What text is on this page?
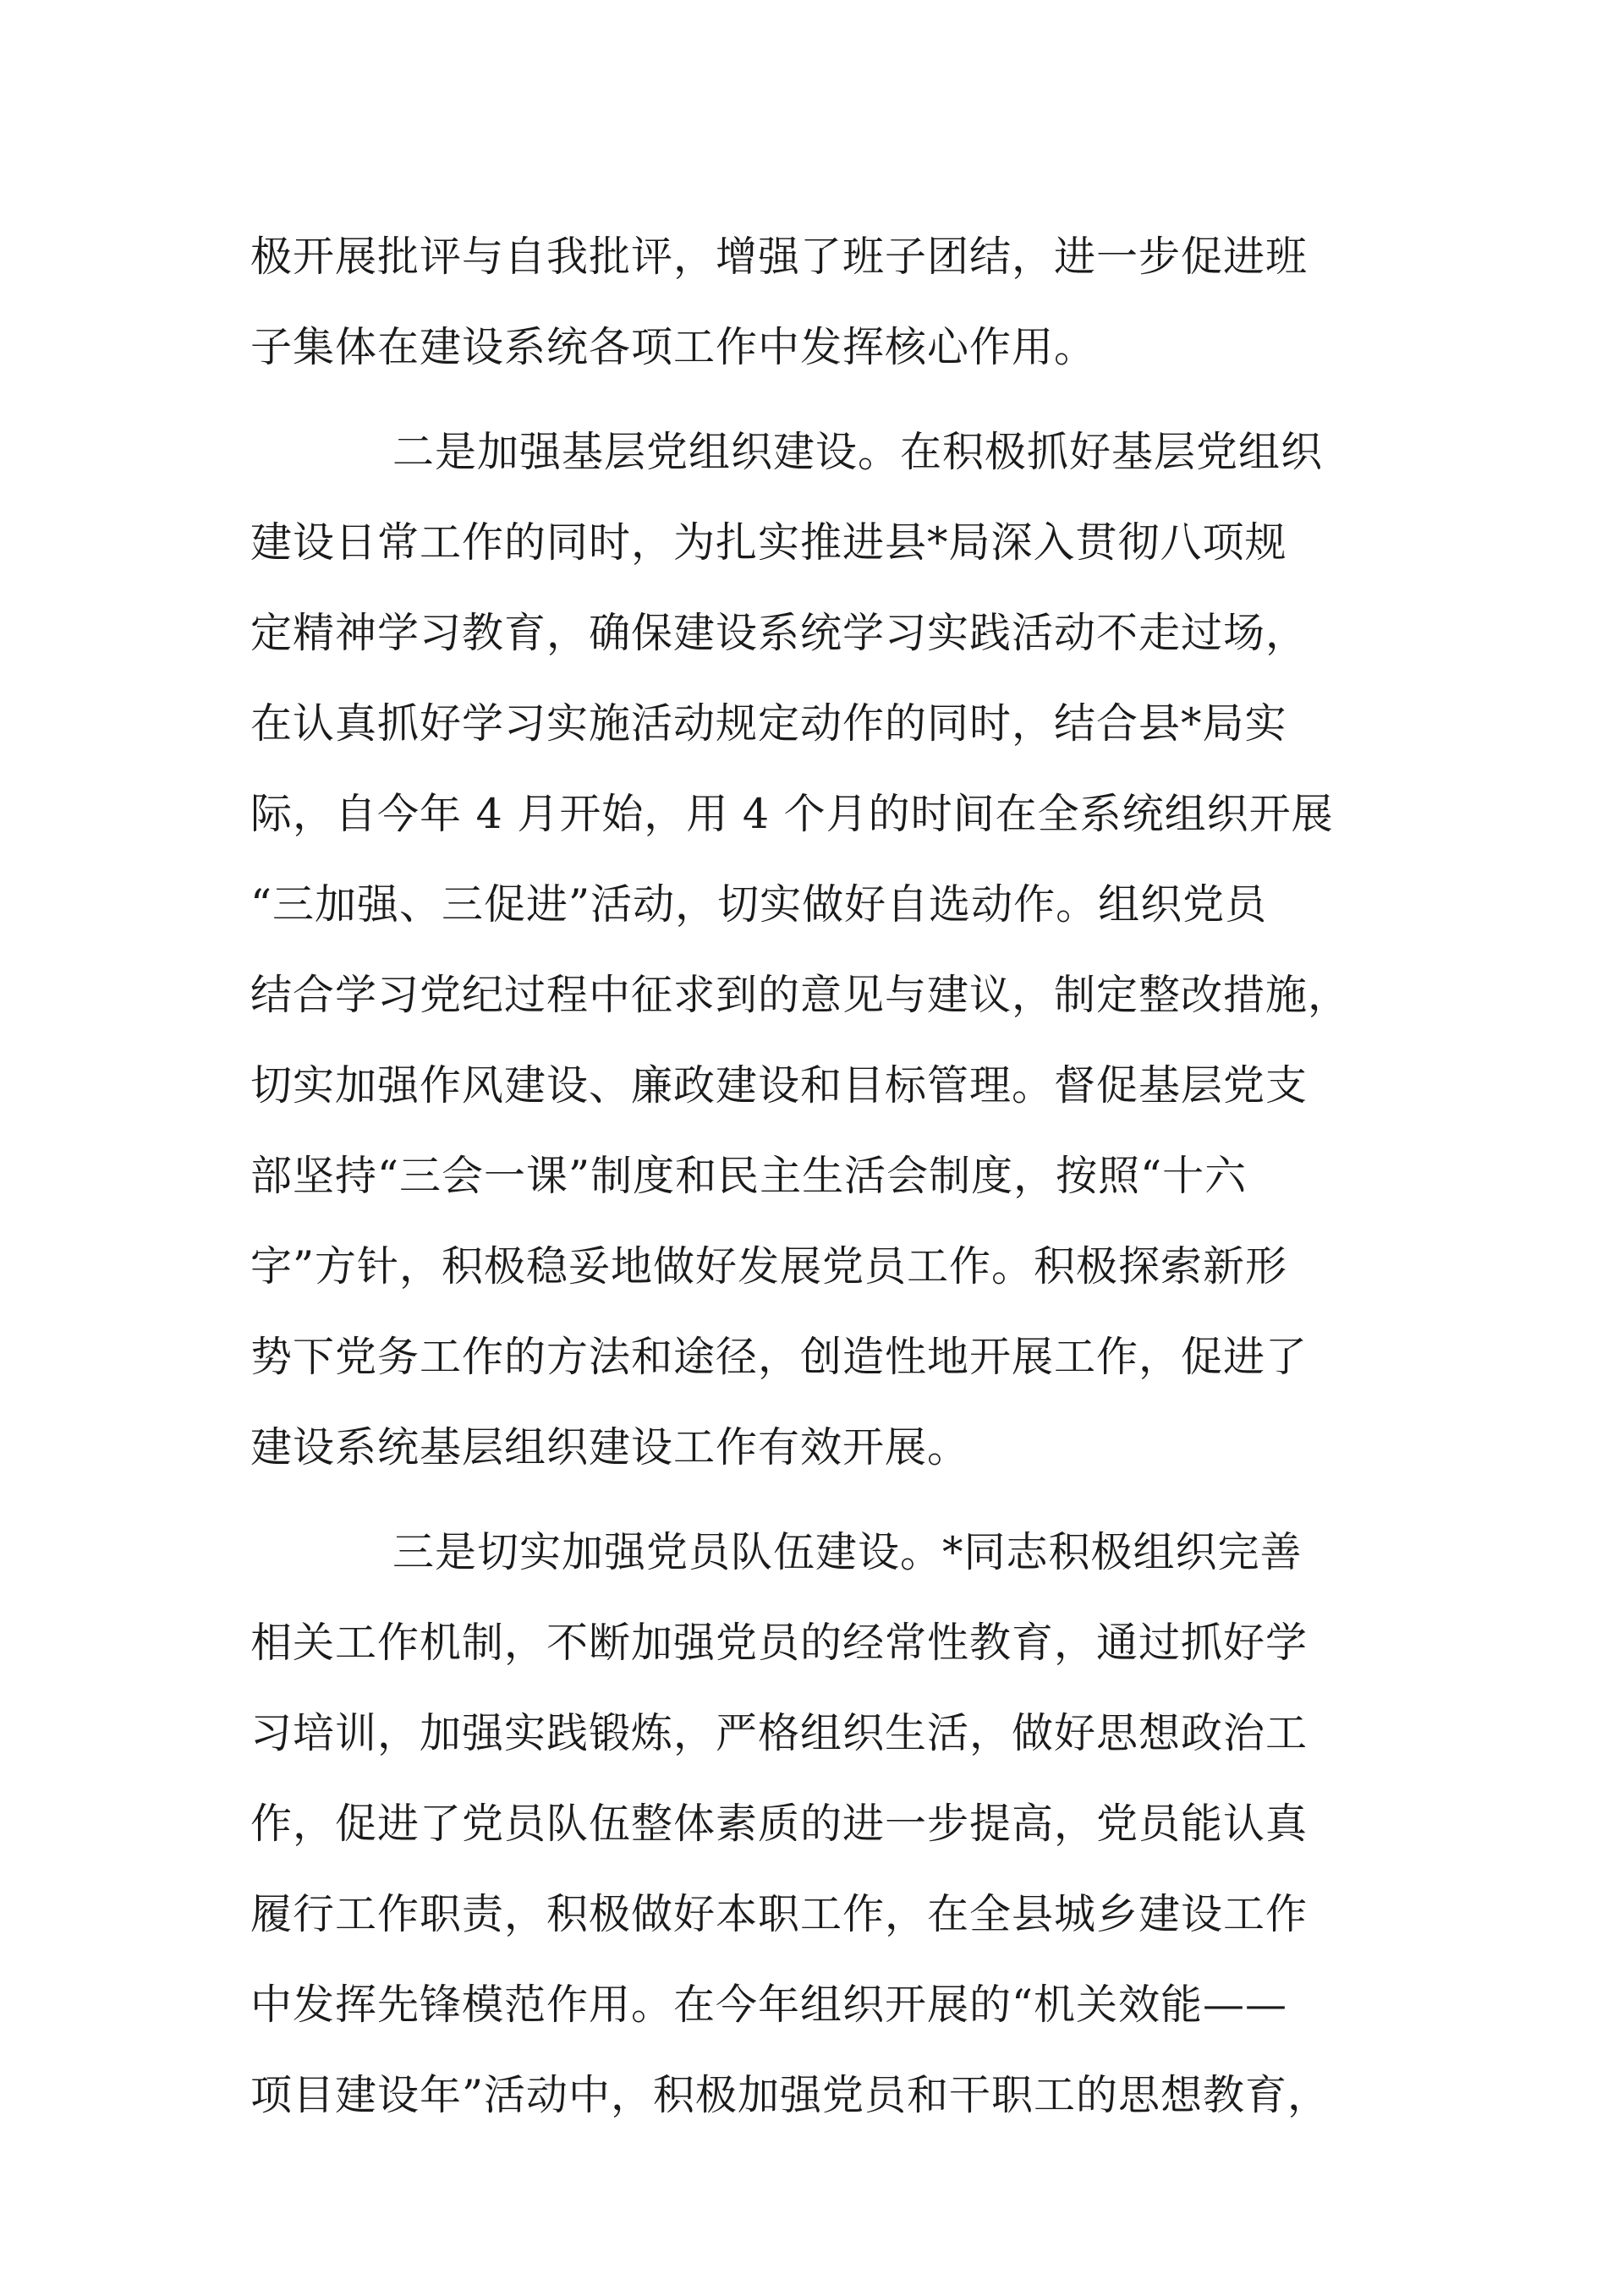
极开展批评与自我批评，增强了班子团结，进一步促进班
子集体在建设系统各项工作中发挥核心作用。
二是加强基层党组织建设。在积极抓好基层党组织
建设日常工作的同时，为扎实推进县*局深入贯彻八项规
定精神学习教育，确保建设系统学习实践活动不走过场，
在认真抓好学习实施活动规定动作的同时，结合县*局实
际，自今年 4 月开始，用 4 个月的时间在全系统组织开展
“三加强、三促进”活动，切实做好自选动作。组织党员
结合学习党纪过程中征求到的意见与建议，制定整改措施，
切实加强作风建设、廉政建设和目标管理。督促基层党支
部坚持“三会一课”制度和民主生活会制度，按照“十六
字”方针，积极稳妥地做好发展党员工作。积极探索新形
势下党务工作的方法和途径，创造性地开展工作，促进了
建设系统基层组织建设工作有效开展。
三是切实加强党员队伍建设。*同志积极组织完善
相关工作机制，不断加强党员的经常性教育，通过抓好学
习培训，加强实践锻炼，严格组织生活，做好思想政治工
作，促进了党员队伍整体素质的进一步提高，党员能认真
履行工作职责，积极做好本职工作，在全县城乡建设工作
中发挥先锋模范作用。在今年组织开展的“机关效能——
项目建设年”活动中，积极加强党员和干职工的思想教育，
